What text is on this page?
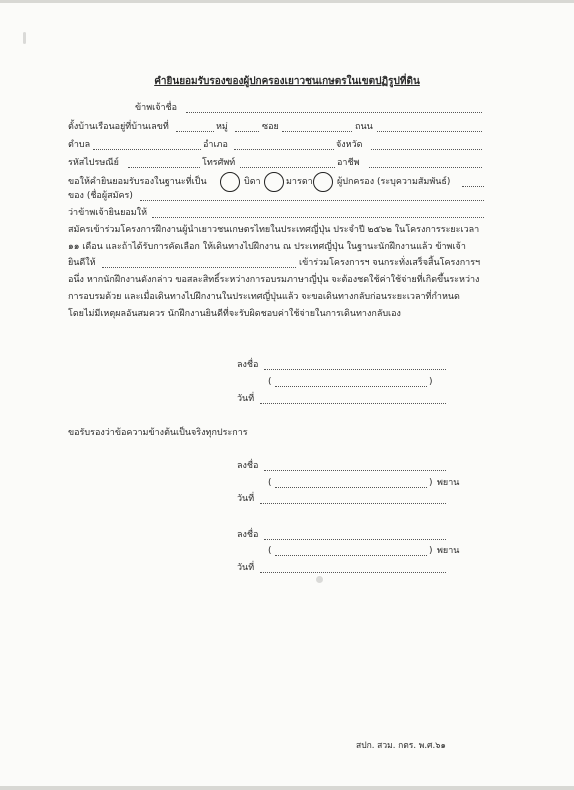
คำยินยอมรับรองของผู้ปกครองเยาวชนเกษตรในเขตปฏิรูปที่ดิน
ข้าพเจ้าชื่อ
ตั้งบ้านเรือนอยู่ที่บ้านเลขที่	หมู่	ซอย	ถนน
ตำบล	อำเภอ	จังหวัด
รหัสไปรษณีย์	โทรศัพท์	อาชีพ
ขอให้คำยินยอมรับรองในฐานะที่เป็น	บิดา	มารดา	ผู้ปกครอง (ระบุความสัมพันธ์)
ของ (ชื่อผู้สมัคร)
ว่าข้าพเจ้ายินยอมให้
สมัครเข้าร่วมโครงการฝึกงานผู้นำเยาวชนเกษตรไทยในประเทศญี่ปุ่น ประจำปี ๒๕๖๒ ในโครงการระยะเวลา
๑๑ เดือน และถ้าได้รับการคัดเลือก ให้เดินทางไปฝึกงาน ณ ประเทศญี่ปุ่น ในฐานะนักฝึกงานแล้ว ข้าพเจ้า
ยินดีให้	เข้าร่วมโครงการฯ จนกระทั่งเสร็จสิ้นโครงการฯ
อนึ่ง หากนักฝึกงานดังกล่าว ขอสละสิทธิ์ระหว่างการอบรมภาษาญี่ปุ่น จะต้องชดใช้ค่าใช้จ่ายที่เกิดขึ้นระหว่าง
การอบรมด้วย และเมื่อเดินทางไปฝึกงานในประเทศญี่ปุ่นแล้ว จะขอเดินทางกลับก่อนระยะเวลาที่กำหนด
โดยไม่มีเหตุผลอันสมควร นักฝึกงานยินดีที่จะรับผิดชอบค่าใช้จ่ายในการเดินทางกลับเอง
ลงชื่อ
(	)
วันที่
ขอรับรองว่าข้อความข้างต้นเป็นจริงทุกประการ
ลงชื่อ
(	) พยาน
วันที่
ลงชื่อ
(	) พยาน
วันที่
สปก. สวม. กตร. พ.ศ.๖๑
